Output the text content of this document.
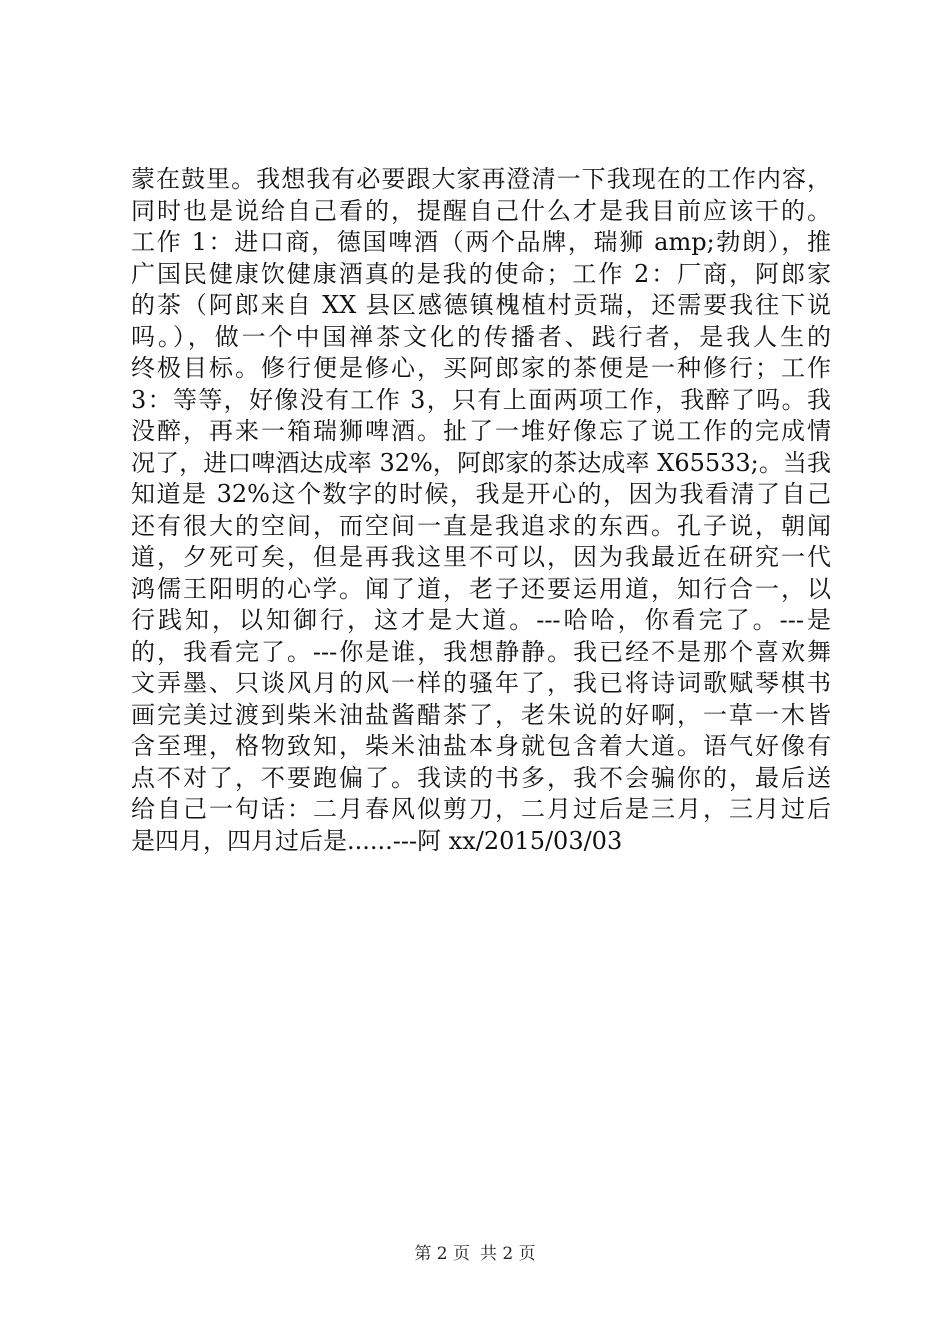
蒙在鼓里。我想我有必要跟大家再澄清一下我现在的工作内容，
同时也是说给自己看的，提醒自己什么才是我目前应该干的。
工作 1：进口商，德国啤酒（两个品牌，瑞狮 amp;勃朗），推
广国民健康饮健康酒真的是我的使命；工作 2：厂商，阿郎家
的茶（阿郎来自 XX 县区感德镇槐植村贡瑞，还需要我往下说
吗。），做一个中国禅茶文化的传播者、践行者，是我人生的
终极目标。修行便是修心，买阿郎家的茶便是一种修行；工作
3：等等，好像没有工作 3，只有上面两项工作，我醉了吗。我
没醉，再来一箱瑞狮啤酒。扯了一堆好像忘了说工作的完成情
况了，进口啤酒达成率 32%，阿郎家的茶达成率 X65533;。当我
知道是 32%这个数字的时候，我是开心的，因为我看清了自己
还有很大的空间，而空间一直是我追求的东西。孔子说，朝闻
道，夕死可矣，但是再我这里不可以，因为我最近在研究一代
鸿儒王阳明的心学。闻了道，老子还要运用道，知行合一，以
行践知，以知御行，这才是大道。---哈哈，你看完了。---是
的，我看完了。---你是谁，我想静静。我已经不是那个喜欢舞
文弄墨、只谈风月的风一样的骚年了，我已将诗词歌赋琴棋书
画完美过渡到柴米油盐酱醋茶了，老朱说的好啊，一草一木皆
含至理，格物致知，柴米油盐本身就包含着大道。语气好像有
点不对了，不要跑偏了。我读的书多，我不会骗你的，最后送
给自己一句话：二月春风似剪刀，二月过后是三月，三月过后
是四月，四月过后是......---阿 xx/2015/03/03
第 2 页 共 2 页
